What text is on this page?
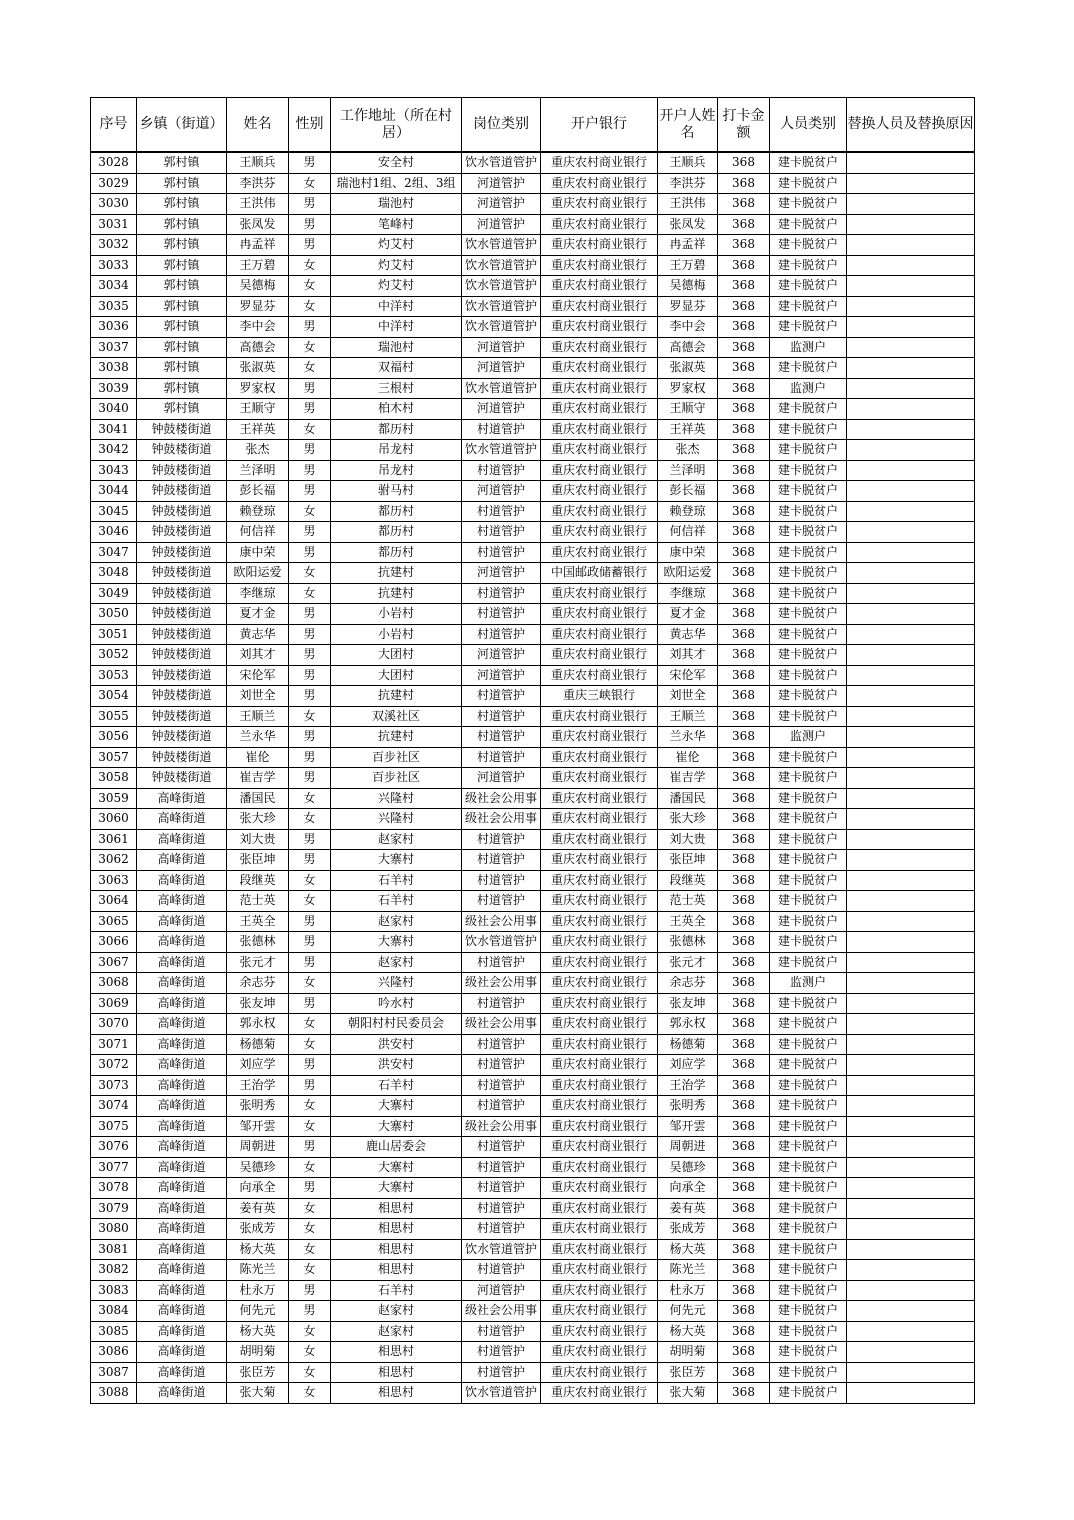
序号	乡镇（街道）	姓名	性别	工作地址（所在村居）	岗位类别	开户银行	开户人姓名	打卡金额	人员类别	替换人员及替换原因
3028	郭村镇	王顺兵	男	安全村	饮水管道管护	重庆农村商业银行	王顺兵	368	建卡脱贫户	
3029	郭村镇	李洪芬	女	瑞池村1组、2组、3组	河道管护	重庆农村商业银行	李洪芬	368	建卡脱贫户	
3030	郭村镇	王洪伟	男	瑞池村	河道管护	重庆农村商业银行	王洪伟	368	建卡脱贫户	
3031	郭村镇	张凤发	男	笔峰村	河道管护	重庆农村商业银行	张凤发	368	建卡脱贫户	
3032	郭村镇	冉孟祥	男	灼艾村	饮水管道管护	重庆农村商业银行	冉孟祥	368	建卡脱贫户	
3033	郭村镇	王万碧	女	灼艾村	饮水管道管护	重庆农村商业银行	王万碧	368	建卡脱贫户	
3034	郭村镇	吴德梅	女	灼艾村	饮水管道管护	重庆农村商业银行	吴德梅	368	建卡脱贫户	
3035	郭村镇	罗显芬	女	中洋村	饮水管道管护	重庆农村商业银行	罗显芬	368	建卡脱贫户	
3036	郭村镇	李中会	男	中洋村	饮水管道管护	重庆农村商业银行	李中会	368	建卡脱贫户	
3037	郭村镇	高德会	女	瑞池村	河道管护	重庆农村商业银行	高德会	368	监测户	
3038	郭村镇	张淑英	女	双福村	河道管护	重庆农村商业银行	张淑英	368	建卡脱贫户	
3039	郭村镇	罗家权	男	三根村	饮水管道管护	重庆农村商业银行	罗家权	368	监测户	
3040	郭村镇	王顺守	男	柏木村	河道管护	重庆农村商业银行	王顺守	368	建卡脱贫户	
3041	钟鼓楼街道	王祥英	女	都历村	村道管护	重庆农村商业银行	王祥英	368	建卡脱贫户	
3042	钟鼓楼街道	张杰	男	吊龙村	饮水管道管护	重庆农村商业银行	张杰	368	建卡脱贫户	
3043	钟鼓楼街道	兰泽明	男	吊龙村	村道管护	重庆农村商业银行	兰泽明	368	建卡脱贫户	
3044	钟鼓楼街道	彭长福	男	驸马村	河道管护	重庆农村商业银行	彭长福	368	建卡脱贫户	
3045	钟鼓楼街道	赖登琼	女	都历村	村道管护	重庆农村商业银行	赖登琼	368	建卡脱贫户	
3046	钟鼓楼街道	何信祥	男	都历村	村道管护	重庆农村商业银行	何信祥	368	建卡脱贫户	
3047	钟鼓楼街道	康中荣	男	都历村	村道管护	重庆农村商业银行	康中荣	368	建卡脱贫户	
3048	钟鼓楼街道	欧阳运爱	女	抗建村	河道管护	中国邮政储蓄银行	欧阳运爱	368	建卡脱贫户	
3049	钟鼓楼街道	李继琼	女	抗建村	村道管护	重庆农村商业银行	李继琼	368	建卡脱贫户	
3050	钟鼓楼街道	夏才金	男	小岩村	村道管护	重庆农村商业银行	夏才金	368	建卡脱贫户	
3051	钟鼓楼街道	黄志华	男	小岩村	村道管护	重庆农村商业银行	黄志华	368	建卡脱贫户	
3052	钟鼓楼街道	刘其才	男	大团村	河道管护	重庆农村商业银行	刘其才	368	建卡脱贫户	
3053	钟鼓楼街道	宋伦军	男	大团村	河道管护	重庆农村商业银行	宋伦军	368	建卡脱贫户	
3054	钟鼓楼街道	刘世全	男	抗建村	村道管护	重庆三峡银行	刘世全	368	建卡脱贫户	
3055	钟鼓楼街道	王顺兰	女	双溪社区	村道管护	重庆农村商业银行	王顺兰	368	建卡脱贫户	
3056	钟鼓楼街道	兰永华	男	抗建村	村道管护	重庆农村商业银行	兰永华	368	监测户	
3057	钟鼓楼街道	崔伦	男	百步社区	村道管护	重庆农村商业银行	崔伦	368	建卡脱贫户	
3058	钟鼓楼街道	崔吉学	男	百步社区	河道管护	重庆农村商业银行	崔吉学	368	建卡脱贫户	
3059	高峰街道	潘国民	女	兴隆村	级社会公用事	重庆农村商业银行	潘国民	368	建卡脱贫户	
3060	高峰街道	张大珍	女	兴隆村	级社会公用事	重庆农村商业银行	张大珍	368	建卡脱贫户	
3061	高峰街道	刘大贵	男	赵家村	村道管护	重庆农村商业银行	刘大贵	368	建卡脱贫户	
3062	高峰街道	张臣坤	男	大寨村	村道管护	重庆农村商业银行	张臣坤	368	建卡脱贫户	
3063	高峰街道	段继英	女	石羊村	村道管护	重庆农村商业银行	段继英	368	建卡脱贫户	
3064	高峰街道	范士英	女	石羊村	村道管护	重庆农村商业银行	范士英	368	建卡脱贫户	
3065	高峰街道	王英全	男	赵家村	级社会公用事	重庆农村商业银行	王英全	368	建卡脱贫户	
3066	高峰街道	张德林	男	大寨村	饮水管道管护	重庆农村商业银行	张德林	368	建卡脱贫户	
3067	高峰街道	张元才	男	赵家村	村道管护	重庆农村商业银行	张元才	368	建卡脱贫户	
3068	高峰街道	余志芬	女	兴隆村	级社会公用事	重庆农村商业银行	余志芬	368	监测户	
3069	高峰街道	张友坤	男	吟水村	村道管护	重庆农村商业银行	张友坤	368	建卡脱贫户	
3070	高峰街道	郭永权	女	朝阳村村民委员会	级社会公用事	重庆农村商业银行	郭永权	368	建卡脱贫户	
3071	高峰街道	杨德菊	女	洪安村	村道管护	重庆农村商业银行	杨德菊	368	建卡脱贫户	
3072	高峰街道	刘应学	男	洪安村	村道管护	重庆农村商业银行	刘应学	368	建卡脱贫户	
3073	高峰街道	王治学	男	石羊村	村道管护	重庆农村商业银行	王治学	368	建卡脱贫户	
3074	高峰街道	张明秀	女	大寨村	村道管护	重庆农村商业银行	张明秀	368	建卡脱贫户	
3075	高峰街道	邹开雲	女	大寨村	级社会公用事	重庆农村商业银行	邹开雲	368	建卡脱贫户	
3076	高峰街道	周朝进	男	鹿山居委会	村道管护	重庆农村商业银行	周朝进	368	建卡脱贫户	
3077	高峰街道	吴德珍	女	大寨村	村道管护	重庆农村商业银行	吴德珍	368	建卡脱贫户	
3078	高峰街道	向承全	男	大寨村	村道管护	重庆农村商业银行	向承全	368	建卡脱贫户	
3079	高峰街道	姜有英	女	相思村	村道管护	重庆农村商业银行	姜有英	368	建卡脱贫户	
3080	高峰街道	张成芳	女	相思村	村道管护	重庆农村商业银行	张成芳	368	建卡脱贫户	
3081	高峰街道	杨大英	女	相思村	饮水管道管护	重庆农村商业银行	杨大英	368	建卡脱贫户	
3082	高峰街道	陈光兰	女	相思村	村道管护	重庆农村商业银行	陈光兰	368	建卡脱贫户	
3083	高峰街道	杜永万	男	石羊村	河道管护	重庆农村商业银行	杜永万	368	建卡脱贫户	
3084	高峰街道	何先元	男	赵家村	级社会公用事	重庆农村商业银行	何先元	368	建卡脱贫户	
3085	高峰街道	杨大英	女	赵家村	村道管护	重庆农村商业银行	杨大英	368	建卡脱贫户	
3086	高峰街道	胡明菊	女	相思村	村道管护	重庆农村商业银行	胡明菊	368	建卡脱贫户	
3087	高峰街道	张臣芳	女	相思村	村道管护	重庆农村商业银行	张臣芳	368	建卡脱贫户	
3088	高峰街道	张大菊	女	相思村	饮水管道管护	重庆农村商业银行	张大菊	368	建卡脱贫户	
